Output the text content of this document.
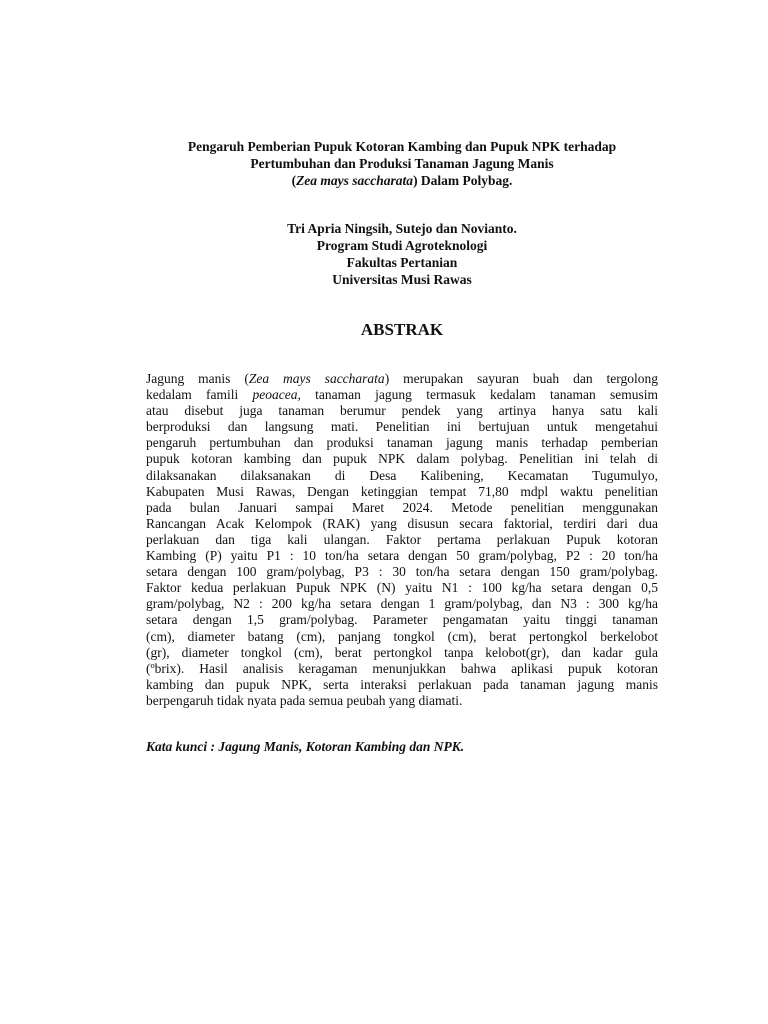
Pengaruh Pemberian Pupuk Kotoran Kambing dan Pupuk NPK terhadap
Pertumbuhan dan Produksi Tanaman Jagung Manis
(Zea mays saccharata) Dalam Polybag.
Tri Apria Ningsih, Sutejo dan Novianto.
Program Studi Agroteknologi
Fakultas Pertanian
Universitas Musi Rawas
ABSTRAK
Jagung manis (Zea mays saccharata) merupakan sayuran buah dan tergolong
kedalam famili peoacea, tanaman jagung termasuk kedalam tanaman semusim
atau disebut juga tanaman berumur pendek yang artinya hanya satu kali
berproduksi dan langsung mati. Penelitian ini bertujuan untuk mengetahui
pengaruh pertumbuhan dan produksi tanaman jagung manis terhadap pemberian
pupuk kotoran kambing dan pupuk NPK dalam polybag. Penelitian ini telah di
dilaksanakan dilaksanakan di Desa Kalibening, Kecamatan Tugumulyo,
Kabupaten Musi Rawas, Dengan ketinggian tempat 71,80 mdpl waktu penelitian
pada bulan Januari sampai Maret 2024. Metode penelitian menggunakan
Rancangan Acak Kelompok (RAK) yang disusun secara faktorial, terdiri dari dua
perlakuan dan tiga kali ulangan. Faktor pertama perlakuan Pupuk kotoran
Kambing (P) yaitu P1 : 10 ton/ha setara dengan 50 gram/polybag, P2 : 20 ton/ha
setara dengan 100 gram/polybag, P3 : 30 ton/ha setara dengan 150 gram/polybag.
Faktor kedua perlakuan Pupuk NPK (N) yaitu N1 : 100 kg/ha setara dengan 0,5
gram/polybag, N2 : 200 kg/ha setara dengan 1 gram/polybag, dan N3 : 300 kg/ha
setara dengan 1,5 gram/polybag. Parameter pengamatan yaitu tinggi tanaman
(cm), diameter batang (cm), panjang tongkol (cm), berat pertongkol berkelobot
(gr), diameter tongkol (cm), berat pertongkol tanpa kelobot(gr), dan kadar gula
(ºbrix). Hasil analisis keragaman menunjukkan bahwa aplikasi pupuk kotoran
kambing dan pupuk NPK, serta interaksi perlakuan pada tanaman jagung manis
berpengaruh tidak nyata pada semua peubah yang diamati.
Kata kunci : Jagung Manis, Kotoran Kambing dan NPK.
